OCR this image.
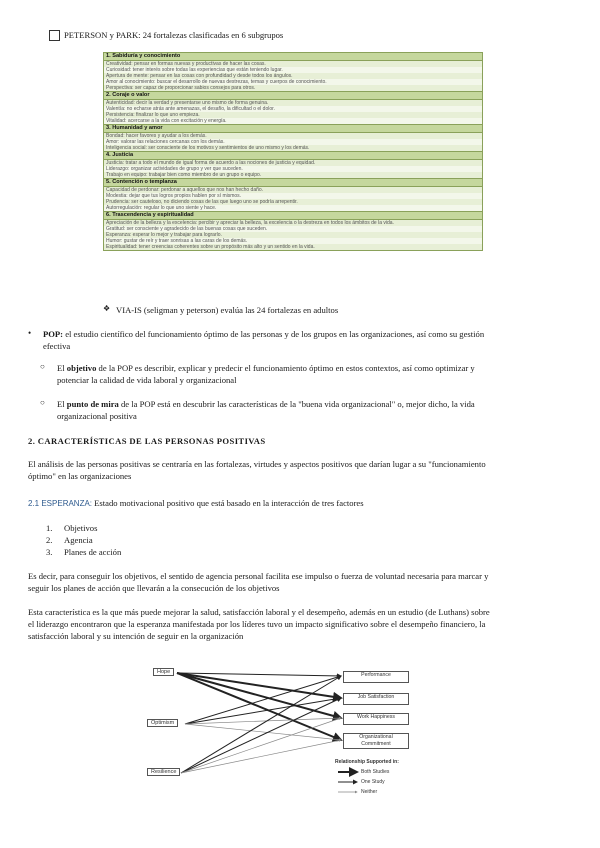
PETERSON y PARK: 24 fortalezas clasificadas en 6 subgrupos
1. Sabiduría y conocimiento
Creatividad: pensar en formas nuevas y productivas de hacer las cosas.
Curiosidad: tener interés sobre todas las experiencias que están teniendo lugar.
Apertura de mente: pensar en las cosas con profundidad y desde todos los ángulos.
Amor al conocimiento: buscar el desarrollo de nuevas destrezas, temas y cuerpos de conocimiento.
Perspectiva: ser capaz de proporcionar sabios consejos para otros.
2. Coraje o valor
Autenticidad: decir la verdad y presentarse uno mismo de forma genuina.
Valentía: no echarse atrás ante amenazas, el desafío, la dificultad o el dolor.
Persistencia: finalizar lo que uno empieza.
Vitalidad: acercarse a la vida con excitación y energía.
3. Humanidad y amor
Bondad: hacer favores y ayudar a los demás.
Amor: valorar las relaciones cercanas con los demás.
Inteligencia social: ser consciente de los motivos y sentimientos de uno mismo y los demás.
4. Justicia
Justicia: tratar a todo el mundo de igual forma de acuerdo a las nociones de justicia y equidad.
Liderazgo: organizar actividades de grupo y ver que suceden.
Trabajo en equipo: trabajar bien como miembro de un grupo o equipo.
5. Contención o templanza
Capacidad de perdonar: perdonar a aquellos que nos han hecho daño.
Modestia: dejar que tus logros propios hablen por sí mismos.
Prudencia: ser cauteloso, no diciendo cosas de las que luego uno se podría arrepentir.
Autorregulación: regular lo que uno siente y hace.
6. Trascendencia y espiritualidad
Apreciación de la belleza y la excelencia: percibir y apreciar la belleza, la excelencia o la destreza en todos los ámbitos de la vida.
Gratitud: ser consciente y agradecido de las buenas cosas que suceden.
Esperanza: esperar lo mejor y trabajar para lograrlo.
Humor: gustar de reír y traer sonrisas a las caras de los demás.
Espiritualidad: tener creencias coherentes sobre un propósito más alto y un sentido en la vida.
❖ VIA-IS (seligman y peterson) evalúa las 24 fortalezas en adultos
• POP: el estudio científico del funcionamiento óptimo de las personas y de los grupos en las organizaciones, así como su gestión
efectiva
○ El objetivo de la POP es describir, explicar y predecir el funcionamiento óptimo en estos contextos, así como optimizar y
potenciar la calidad de vida laboral y organizacional
○ El punto de mira de la POP está en descubrir las características de la "buena vida organizacional" o, mejor dicho, la vida
organizacional positiva
2. CARACTERÍSTICAS DE LAS PERSONAS POSITIVAS
El análisis de las personas positivas se centraría en las fortalezas, virtudes y aspectos positivos que darían lugar a su "funcionamiento
óptimo" en las organizaciones
2.1 ESPERANZA: Estado motivacional positivo que está basado en la interacción de tres factores
1. Objetivos
2. Agencia
3. Planes de acción
Es decir, para conseguir los objetivos, el sentido de agencia personal facilita ese impulso o fuerza de voluntad necesaria para marcar y
seguir los planes de acción que llevarán a la consecución de los objetivos
Esta característica es la que más puede mejorar la salud, satisfacción laboral y el desempeño, además en un estudio (de Luthans) sobre
el liderazgo encontraron que la esperanza manifestada por los líderes tuvo un impacto significativo sobre el desempeño financiero, la
satisfacción laboral y su intención de seguir en la organización
Hope
Optimism
Resilience
Performance
Job Satisfaction
Work Happiness
Organizational Commitment
Relationship Supported in:
Both Studies
One Study
Neither
